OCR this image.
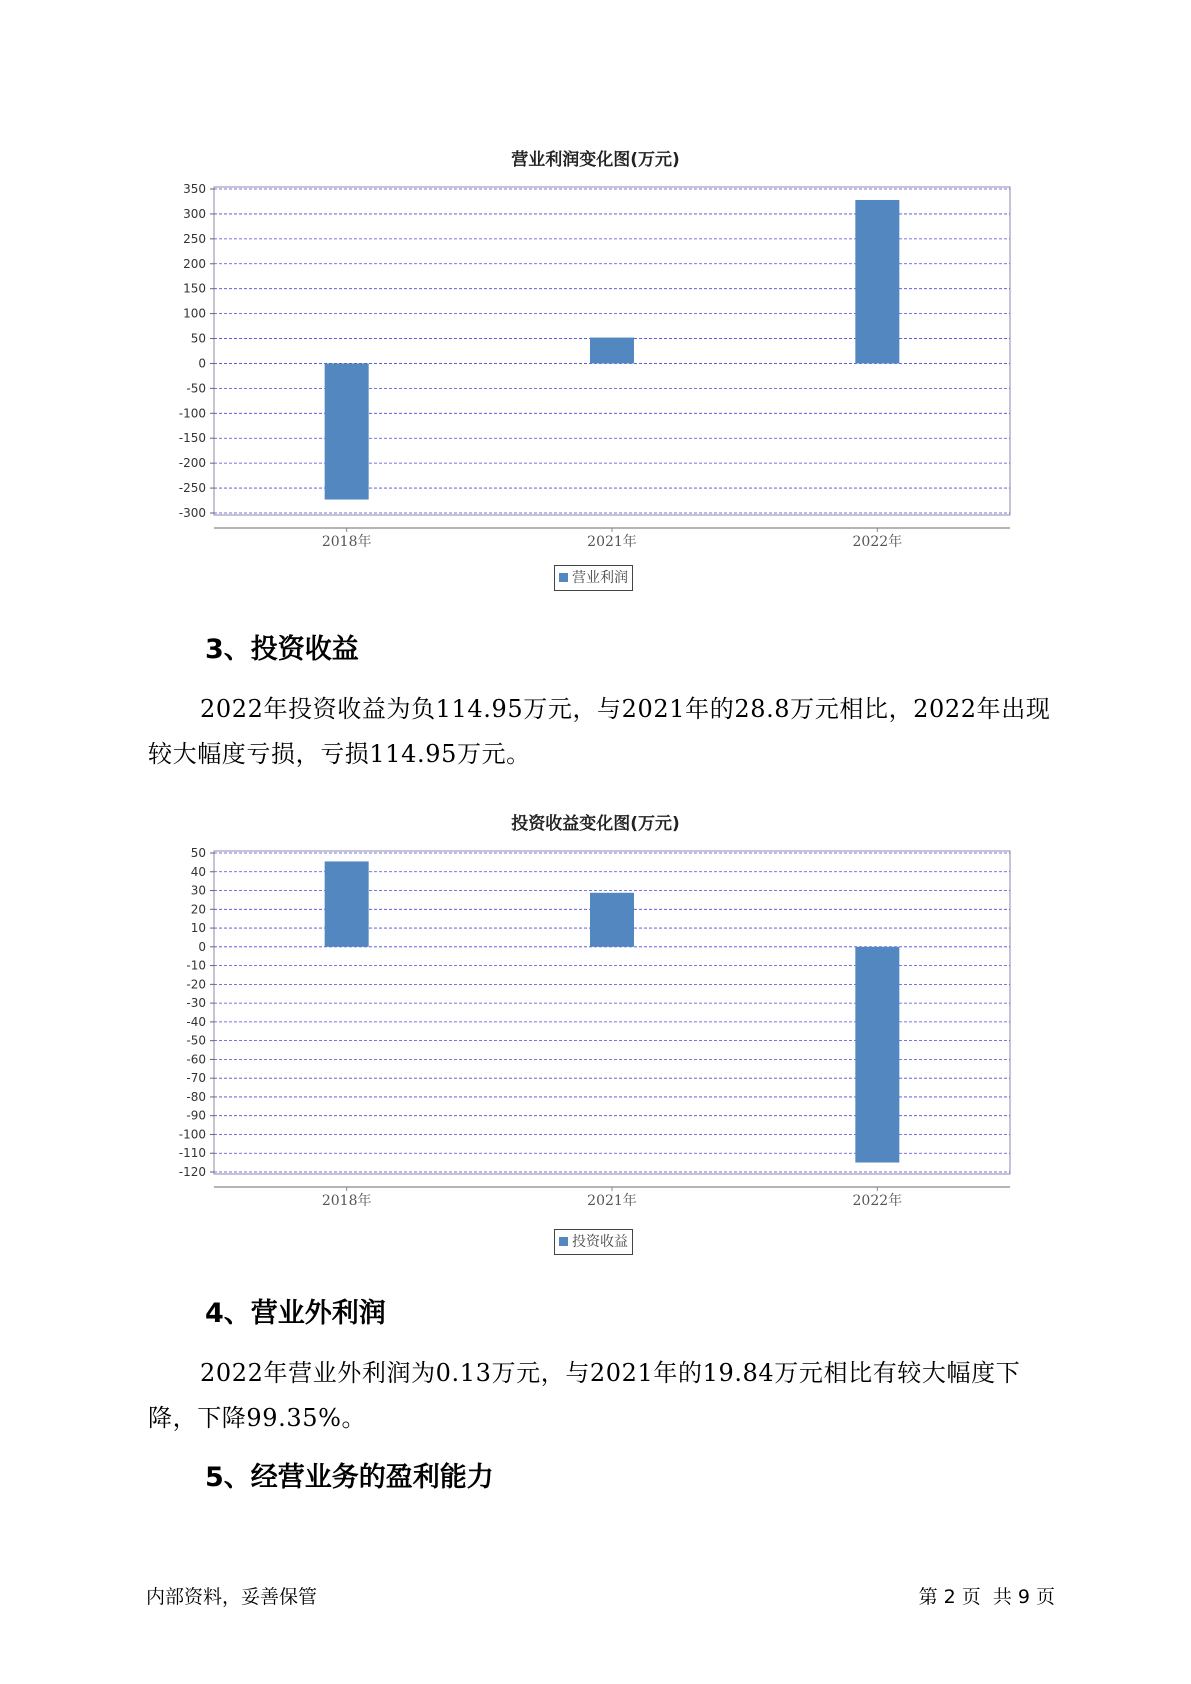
营业利润变化图(万元)
350
300
250
200
150
100
50
0
-50
-100
-150
-200
-250
-300
2018年	2021年	2022年
营业利润
3、投资收益

2022年投资收益为负114.95万元，与2021年的28.8万元相比，2022年出现较大幅度亏损，亏损114.95万元。

投资收益变化图(万元)
50
40
30
20
10
0
-10
-20
-30
-40
-50
-60
-70
-80
-90
-100
-110
-120
2018年	2021年	2022年
投资收益
4、营业外利润

2022年营业外利润为0.13万元，与2021年的19.84万元相比有较大幅度下降，下降99.35%。

5、经营业务的盈利能力
内部资料，妥善保管	第 2 页  共 9 页
